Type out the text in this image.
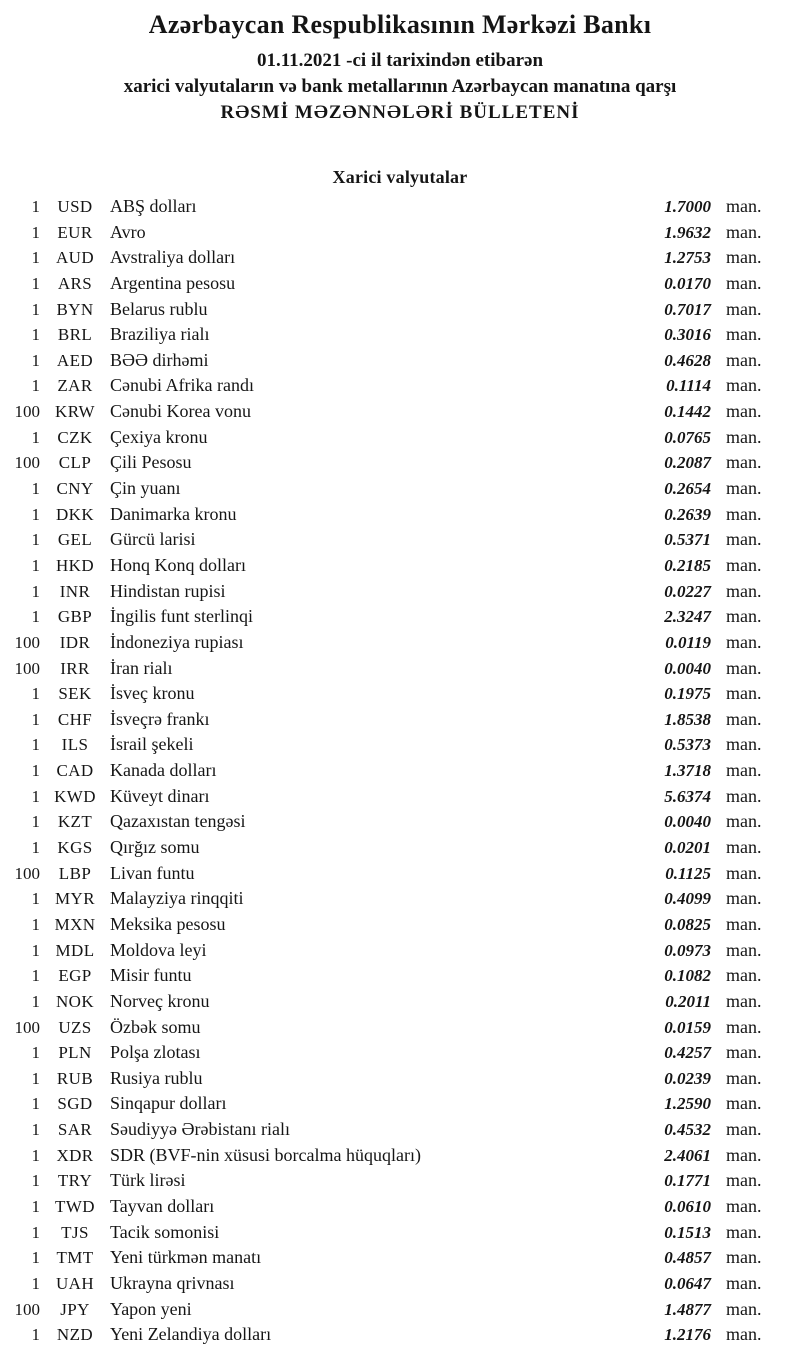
Azərbaycan Respublikasının Mərkəzi Bankı
01.11.2021 -ci il tarixindən etibarən
xarici valyutaların və bank metallarının Azərbaycan manatına qarşı
RƏSMİ MƏZƏNNƏLƏRİ BÜLLETENİ
Xarici valyutalar
1	USD ABŞ dolları	1.7000 man.
1	EUR Avro	1.9632 man.
1 AUD Avstraliya dolları	1.2753 man.
1	ARS Argentina pesosu	0.0170 man.
1 BYN Belarus rublu	0.7017 man.
1	BRL Braziliya rialı	0.3016 man.
1 AED BƏƏ dirhəmi	0.4628 man.
1	ZAR Cənubi Afrika randı	0.1114 man.
100 KRW Cənubi Korea vonu	0.1442 man.
1	CZK Çexiya kronu	0.0765 man.
100	CLP	Çili Pesosu	0.2087 man.
1 CNY Çin yuanı	0.2654 man.
1 DKK Danimarka kronu	0.2639 man.
1	GEL Gürcü larisi	0.5371 man.
1 HKD Honq Konq dolları	0.2185 man.
1	INR	Hindistan rupisi	0.0227 man.
1	GBP İngilis funt sterlinqi	2.3247 man.
100	IDR	İndoneziya rupiası	0.0119 man.
100	IRR	İran rialı	0.0040 man.
1	SEK	İsveç kronu	0.1975 man.
1	CHF İsveçrə frankı	1.8538 man.
1	ILS	İsrail şekeli	0.5373 man.
1 CAD Kanada dolları	1.3718 man.
1 KWD Küveyt dinarı	5.6374 man.
1	KZT Qazaxıstan tengəsi	0.0040 man.
1	KGS Qırğız somu	0.0201 man.
100	LBP	Livan funtu	0.1125 man.
1 MYR Malayziya rinqqiti	0.4099 man.
1 MXN Meksika pesosu	0.0825 man.
1 MDL Moldova leyi	0.0973 man.
1	EGP	Misir funtu	0.1082 man.
1 NOK Norveç kronu	0.2011 man.
100	UZS	Özbək somu	0.0159 man.
1	PLN	Polşa zlotası	0.4257 man.
1 RUB Rusiya rublu	0.0239 man.
1	SGD Sinqapur dolları	1.2590 man.
1	SAR Səudiyyə Ərəbistanı rialı	0.4532 man.
1 XDR SDR (BVF-nin xüsusi borcalma hüquqları)	2.4061 man.
1	TRY Türk lirəsi	0.1771 man.
1 TWD Tayvan dolları	0.0610 man.
1	TJS	Tacik somonisi	0.1513 man.
1 TMT Yeni türkmən manatı	0.4857 man.
1 UAH Ukrayna qrivnası	0.0647 man.
100	JPY	Yapon yeni	1.4877 man.
1 NZD Yeni Zelandiya dolları	1.2176 man.
